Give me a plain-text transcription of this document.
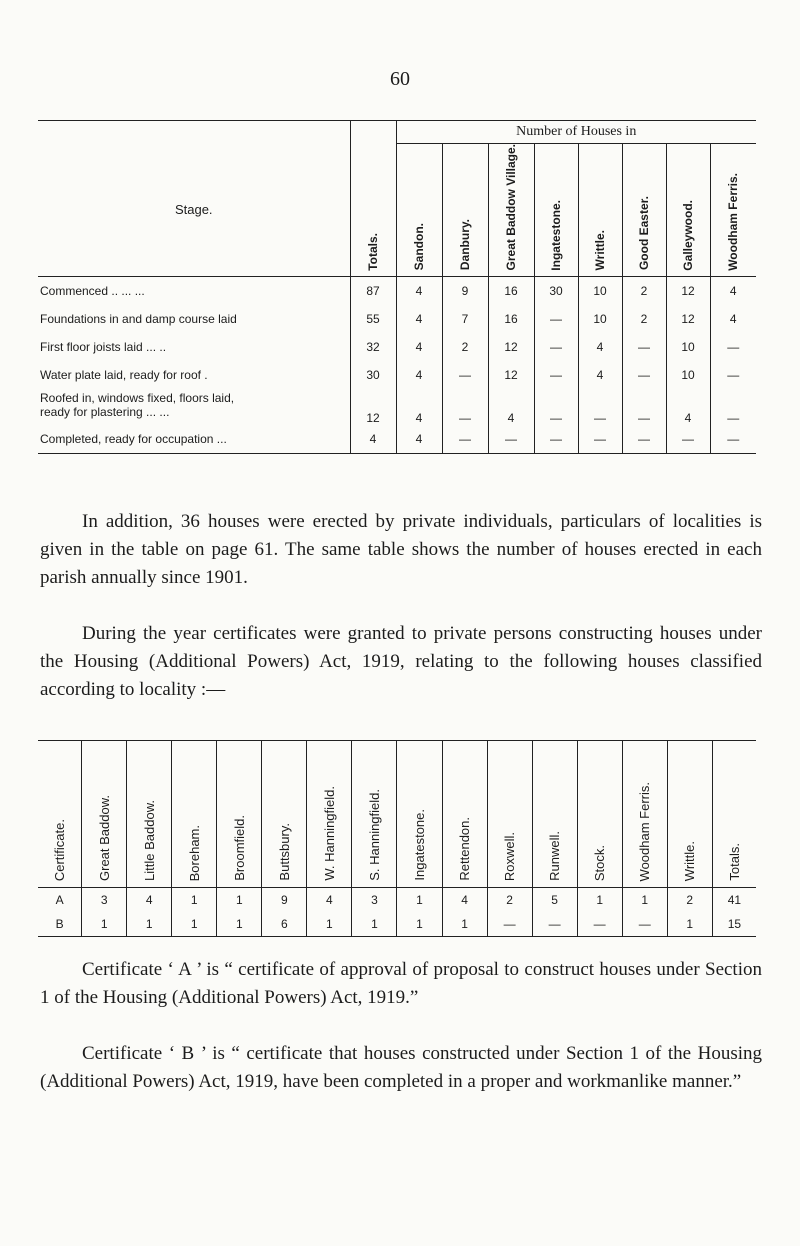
60
		Number of Houses in							
Stage.	Totals.	Sandon.	Danbury.	Great Baddow Village.	Ingatestone.	Writtle.	Good Easter.	Galleywood.	Woodham Ferris.

Commenced .. ... ...	87	4	9	16	30	10	2	12	4
Foundations in and damp course laid	55	4	7	16	—	10	2	12	4
First floor joists laid ... ..	32	4	2	12	—	4	—	10	—
Water plate laid, ready for roof .	30	4	—	12	—	4	—	10	—
Roofed in, windows fixed, floors laid,
ready for plastering ... ...	12	4	—	4	—	—	—	4	—
Completed, ready for occupation ...	4	4	—	—	—	—	—	—	—

In addition, 36 houses were erected by private individuals, particulars of localities is given in the table on page 61. The same table shows the number of houses erected in each parish annually since 1901.

During the year certificates were granted to private persons constructing houses under the Housing (Additional Powers) Act, 1919, relating to the following houses classified according to locality :—

Certificate.	Great Baddow.	Little Baddow.	Boreham.	Broomfield.	Buttsbury.	W. Hanningfield.	S. Hanningfield.	Ingatestone.	Rettendon.	Roxwell.	Runwell.	Stock.	Woodham Ferris.	Writtle.	Totals.

A	3	4	1	1	9	4	3	1	4	2	5	1	1	2	41
B	1	1	1	1	6	1	1	1	1	—	—	—	—	1	15

Certificate ‘ A ’ is “ certificate of approval of proposal to construct houses under Section 1 of the Housing (Additional Powers) Act, 1919.”

Certificate ‘ B ’ is “ certificate that houses constructed under Section 1 of the Housing (Additional Powers) Act, 1919, have been completed in a proper and workmanlike manner.”
